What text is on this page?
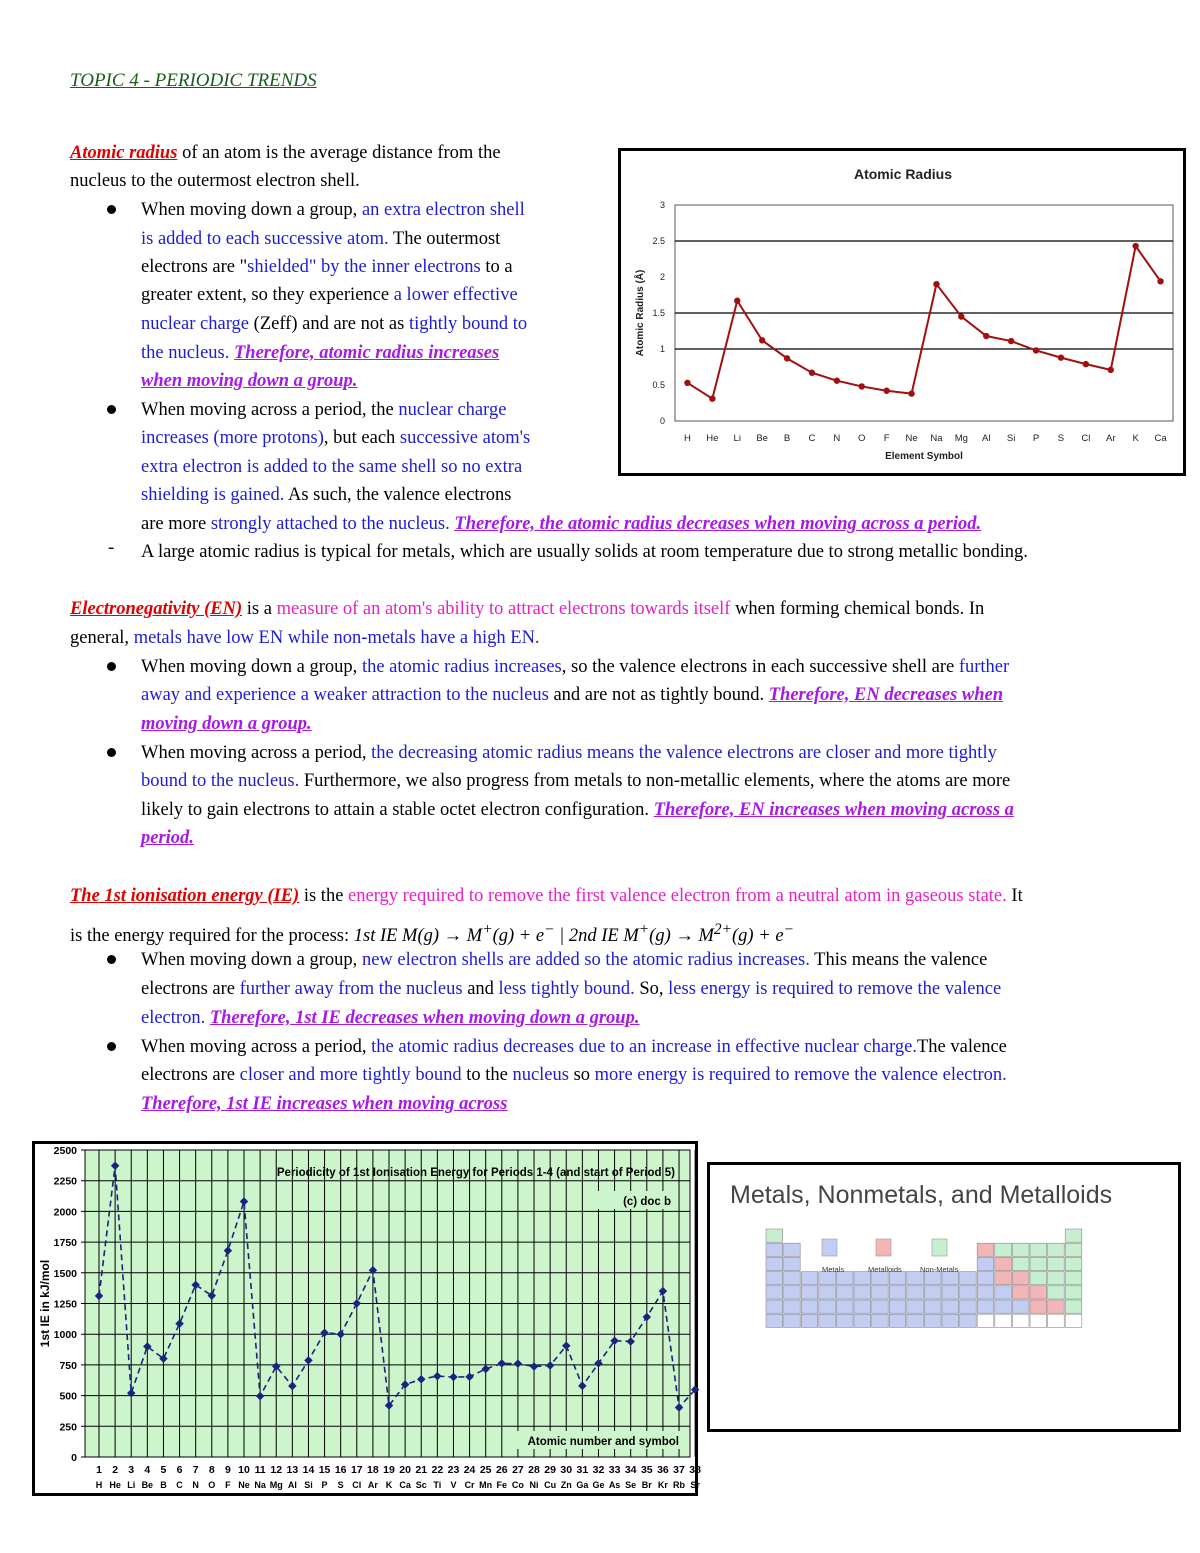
TOPIC 4 - PERIODIC TRENDS
Atomic radius of an atom is the average distance from the
nucleus to the outermost electron shell.
When moving down a group, an extra electron shell
is added to each successive atom. The outermost
electrons are "shielded" by the inner electrons to a
greater extent, so they experience a lower effective
nuclear charge (Zeff) and are not as tightly bound to
the nucleus. Therefore, atomic radius increases
when moving down a group.
When moving across a period, the nuclear charge
increases (more protons), but each successive atom's
extra electron is added to the same shell so no extra
shielding is gained. As such, the valence electrons
are more strongly attached to the nucleus. Therefore, the atomic radius decreases when moving across a period.
- A large atomic radius is typical for metals, which are usually solids at room temperature due to strong metallic bonding.
Atomic Radius
0
0.5
1
1.5
2
2.5
3
Atomic Radius (Å)
Element Symbol
H He Li Be B C N O F Ne Na Mg Al Si P S Cl Ar K Ca
Electronegativity (EN) is a measure of an atom's ability to attract electrons towards itself when forming chemical bonds. In
general, metals have low EN while non-metals have a high EN.
When moving down a group, the atomic radius increases, so the valence electrons in each successive shell are further
away and experience a weaker attraction to the nucleus and are not as tightly bound. Therefore, EN decreases when
moving down a group.
When moving across a period, the decreasing atomic radius means the valence electrons are closer and more tightly
bound to the nucleus. Furthermore, we also progress from metals to non-metallic elements, where the atoms are more
likely to gain electrons to attain a stable octet electron configuration. Therefore, EN increases when moving across a
period.
The 1st ionisation energy (IE) is the energy required to remove the first valence electron from a neutral atom in gaseous state. It
is the energy required for the process: 1st IE M(g) → M+(g) + e− | 2nd IE $M^+(g) \to M^{2+}(g) + e^-$
When moving down a group, new electron shells are added so the atomic radius increases. This means the valence
electrons are further away from the nucleus and less tightly bound. So, less energy is required to remove the valence
electron. Therefore, 1st IE decreases when moving down a group.
When moving across a period, the atomic radius decreases due to an increase in effective nuclear charge.The valence
electrons are closer and more tightly bound to the nucleus so more energy is required to remove the valence electron.
Therefore, 1st IE increases when moving across
0
250
500
750
1000
1250
1500
1750
2000
2250
2500
1st IE in kJ/mol
Periodicity of 1st Ionisation Energy for Periods 1-4 (and start of Period 5)
(c) doc b
Atomic number and symbol
1
H
2
He
3
Li
4
Be
5
B
6
C
7
N
8
O
9
F
10
Ne
11
Na
12
Mg
13
Al
14
Si
15
P
16
S
17
Cl
18
Ar
19
K
20
Ca
21
Sc
22
Ti
23
V
24
Cr
25
Mn
26
Fe
27
Co
28
Ni
29
Cu
30
Zn
31
Ga
32
Ge
33
As
34
Se
35
Br
36
Kr
37
Rb
38
Sr
Metals, Nonmetals, and Metalloids
Metals	Metalloids Non-Metals
